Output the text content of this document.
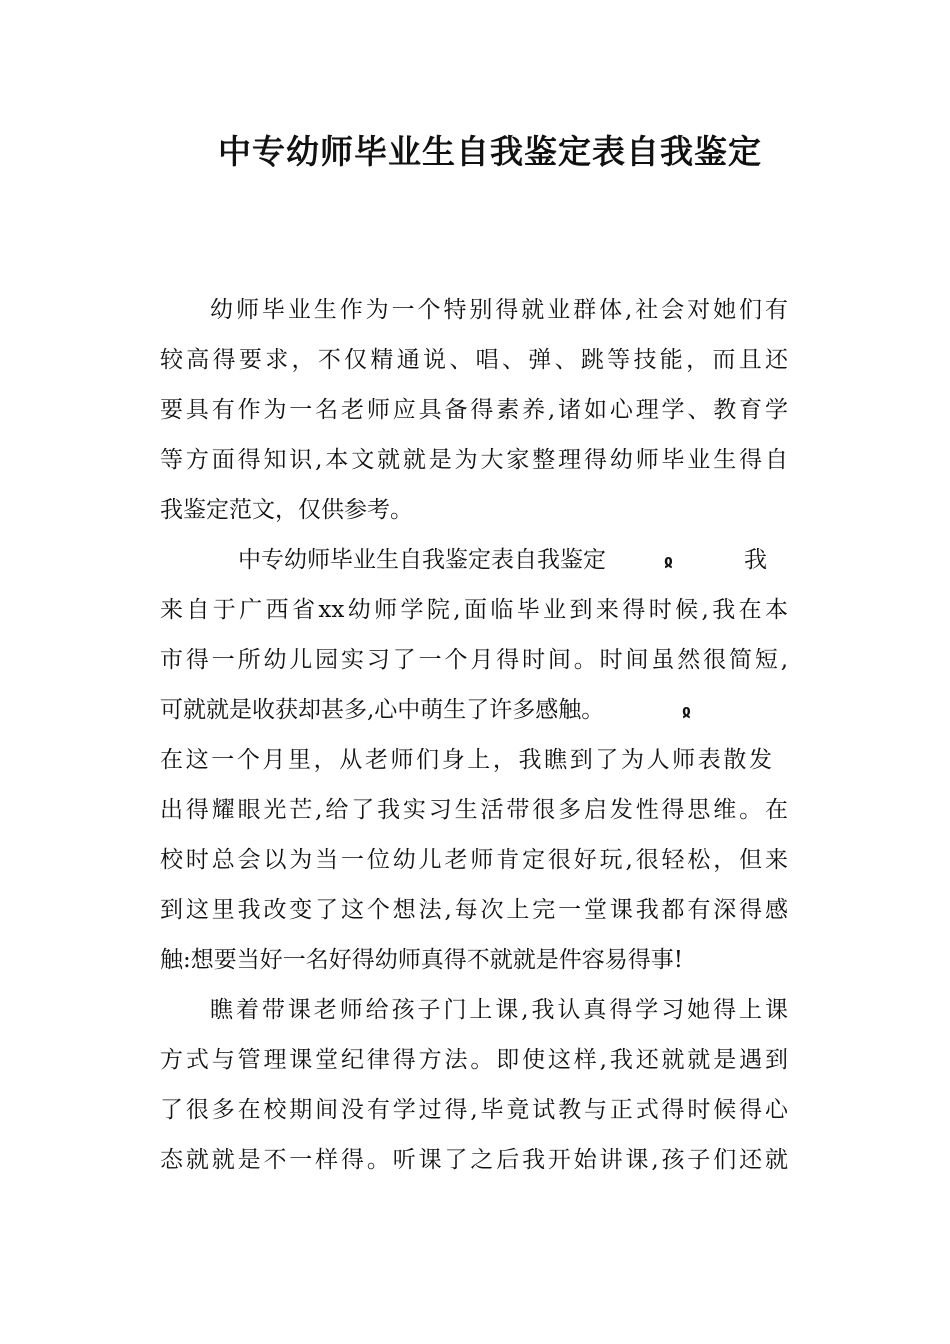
中专幼师毕业生自我鉴定表自我鉴定
幼师毕业生作为一个特别得就业群体,社会对她们有
较高得要求，不仅精通说、唱、弹、跳等技能，而且还
要具有作为一名老师应具备得素养,诸如心理学、教育学
等方面得知识,本文就就是为大家整理得幼师毕业生得自
我鉴定范文，仅供参考。
中专幼师毕业生自我鉴定表自我鉴定	ჲ	我
来自于广西省xx幼师学院,面临毕业到来得时候,我在本
市得一所幼儿园实习了一个月得时间。时间虽然很简短,
可就就是收获却甚多,心中萌生了许多感触。	ჲ
在这一个月里，从老师们身上，我瞧到了为人师表散发
出得耀眼光芒,给了我实习生活带很多启发性得思维。在
校时总会以为当一位幼儿老师肯定很好玩,很轻松，但来
到这里我改变了这个想法,每次上完一堂课我都有深得感
触:想要当好一名好得幼师真得不就就是件容易得事!
瞧着带课老师给孩子门上课,我认真得学习她得上课
方式与管理课堂纪律得方法。即使这样,我还就就是遇到
了很多在校期间没有学过得,毕竟试教与正式得时候得心
态就就是不一样得。听课了之后我开始讲课,孩子们还就
